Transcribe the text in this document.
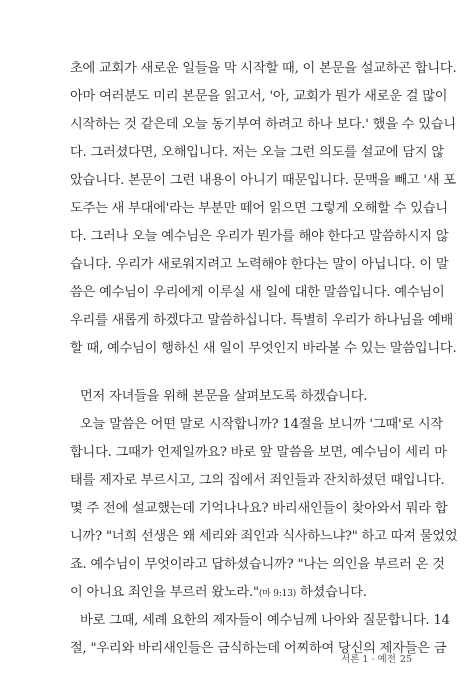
초에 교회가 새로운 일들을 막 시작할 때, 이 본문을 설교하곤 합니다.
아마 여러분도 미리 본문을 읽고서, '아, 교회가 뭔가 새로운 걸 많이
시작하는 것 같은데 오늘 동기부여 하려고 하나 보다.' 했을 수 있습니
다. 그러셨다면, 오해입니다. 저는 오늘 그런 의도를 설교에 담지 않
았습니다. 본문이 그런 내용이 아니기 때문입니다. 문맥을 빼고 '새 포
도주는 새 부대에'라는 부분만 떼어 읽으면 그렇게 오해할 수 있습니
다. 그러나 오늘 예수님은 우리가 뭔가를 해야 한다고 말씀하시지 않
습니다. 우리가 새로워지려고 노력해야 한다는 말이 아닙니다. 이 말
씀은 예수님이 우리에게 이루실 새 일에 대한 말씀입니다. 예수님이
우리를 새롭게 하겠다고 말씀하십니다. 특별히 우리가 하나님을 예배
할 때, 예수님이 행하신 새 일이 무엇인지 바라볼 수 있는 말씀입니다.
먼저 자녀들을 위해 본문을 살펴보도록 하겠습니다.
오늘 말씀은 어떤 말로 시작합니까? 14절을 보니까 '그때'로 시작
합니다. 그때가 언제일까요? 바로 앞 말씀을 보면, 예수님이 세리 마
태를 제자로 부르시고, 그의 집에서 죄인들과 잔치하셨던 때입니다.
몇 주 전에 설교했는데 기억나나요? 바리새인들이 찾아와서 뭐라 합
니까? "너희 선생은 왜 세리와 죄인과 식사하느냐?" 하고 따져 물었었
죠. 예수님이 무엇이라고 답하셨습니까? "나는 의인을 부르러 온 것
이 아니요 죄인을 부르러 왔노라."(마 9:13) 하셨습니다.
바로 그때, 세례 요한의 제자들이 예수님께 나아와 질문합니다. 14
절, "우리와 바리새인들은 금식하는데 어찌하여 당신의 제자들은 금
서론 1 · 예전 25
